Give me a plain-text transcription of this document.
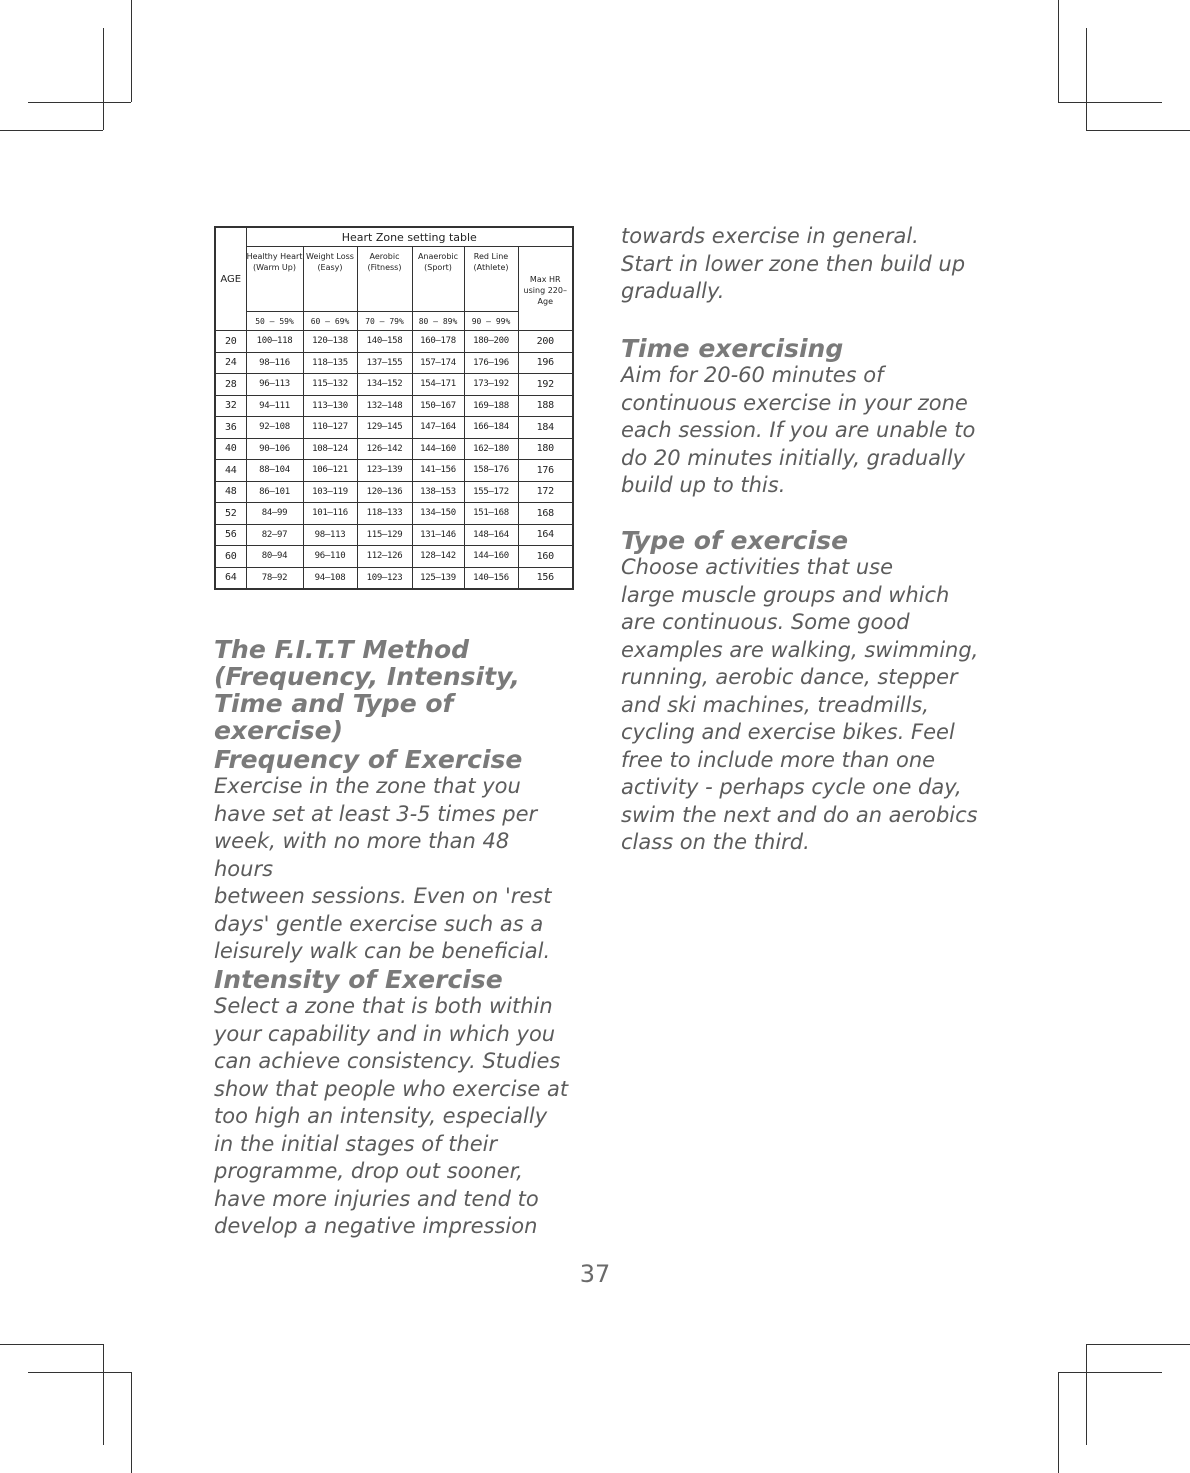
AGE	Heart Zone setting table					
	Healthy Heart (Warm Up)	Weight Loss (Easy)	Aerobic (Fitness)	Anaerobic (Sport)	Red Line (Athlete)	Max HR using 220–Age
	50 – 59%	60 – 69%	70 – 79%	80 – 89%	90 – 99%	
20	100–118	120–138	140–158	160–178	180–200	200
24	98–116	118–135	137–155	157–174	176–196	196
28	96–113	115–132	134–152	154–171	173–192	192
32	94–111	113–130	132–148	150–167	169–188	188
36	92–108	110–127	129–145	147–164	166–184	184
40	90–106	108–124	126–142	144–160	162–180	180
44	88–104	106–121	123–139	141–156	158–176	176
48	86–101	103–119	120–136	138–153	155–172	172
52	84–99	101–116	118–133	134–150	151–168	168
56	82–97	98–113	115–129	131–146	148–164	164
60	80–94	96–110	112–126	128–142	144–160	160
64	78–92	94–108	109–123	125–139	140–156	156
The F.I.T.T Method (Frequency, Intensity, Time and Type of exercise)
Frequency of Exercise

Exercise in the zone that you
have set at least 3-5 times per
week, with no more than 48 hours
between sessions. Even on 'rest
days' gentle exercise such as a
leisurely walk can be beneficial.

Intensity of Exercise

Select a zone that is both within
your capability and in which you
can achieve consistency. Studies
show that people who exercise at
too high an intensity, especially
in the initial stages of their
programme, drop out sooner,
have more injuries and tend to
develop a negative impression

towards exercise in general.
Start in lower zone then build up
gradually.

Time exercising

Aim for 20-60 minutes of
continuous exercise in your zone
each session. If you are unable to
do 20 minutes initially, gradually
build up to this.

Type of exercise

Choose activities that use
large muscle groups and which
are continuous. Some good
examples are walking, swimming,
running, aerobic dance, stepper
and ski machines, treadmills,
cycling and exercise bikes. Feel
free to include more than one
activity - perhaps cycle one day,
swim the next and do an aerobics
class on the third.

37
